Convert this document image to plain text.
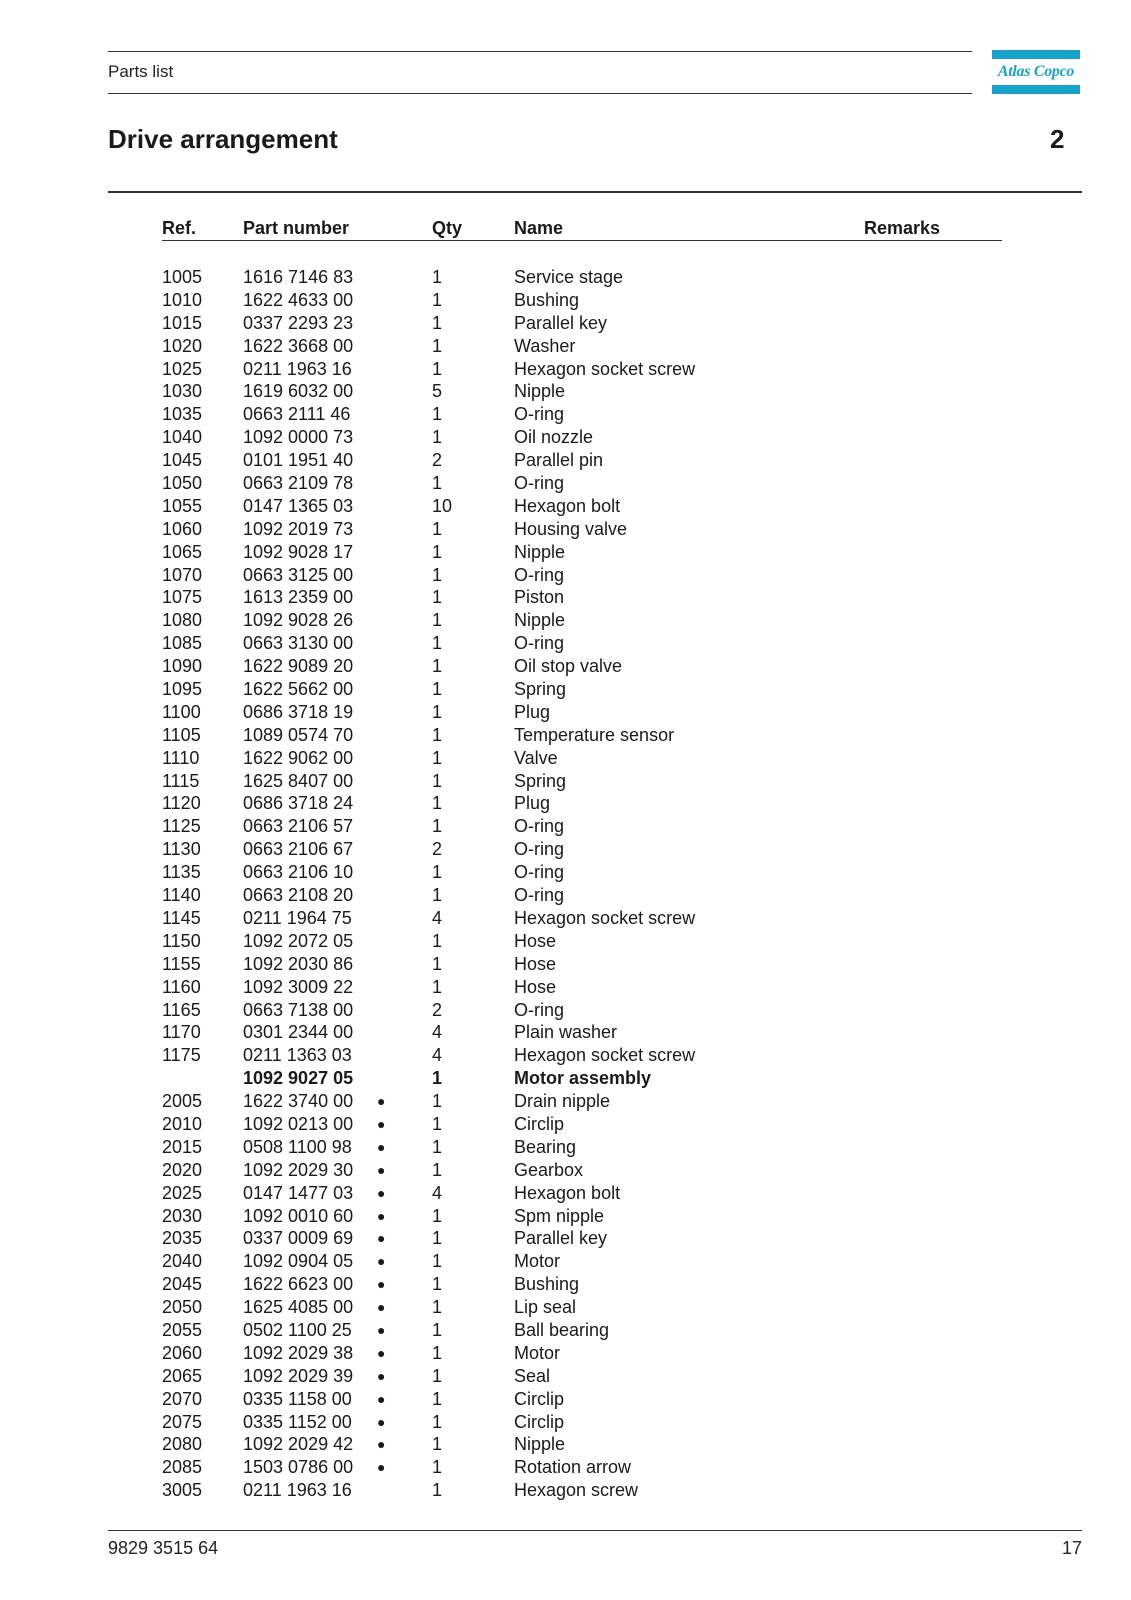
Parts list	Atlas Copco
Drive arrangement	2
Ref.	Part number	Qty	Name	Remarks
1005 1616 7146 83	1	Service stage
1010 1622 4633 00	1	Bushing
1015 0337 2293 23	1	Parallel key
1020 1622 3668 00	1	Washer
1025 0211 1963 16	1	Hexagon socket screw
1030 1619 6032 00	5	Nipple
1035 0663 2111 46	1	O-ring
1040 1092 0000 73	1	Oil nozzle
1045 0101 1951 40	2	Parallel pin
1050 0663 2109 78	1	O-ring
1055 0147 1365 03	10	Hexagon bolt
1060 1092 2019 73	1	Housing valve
1065 1092 9028 17	1	Nipple
1070 0663 3125 00	1	O-ring
1075 1613 2359 00	1	Piston
1080 1092 9028 26	1	Nipple
1085 0663 3130 00	1	O-ring
1090 1622 9089 20	1	Oil stop valve
1095 1622 5662 00	1	Spring
1100 0686 3718 19	1	Plug
1105 1089 0574 70	1	Temperature sensor
1110 1622 9062 00	1	Valve
1115 1625 8407 00	1	Spring
1120 0686 3718 24	1	Plug
1125 0663 2106 57	1	O-ring
1130 0663 2106 67	2	O-ring
1135 0663 2106 10	1	O-ring
1140 0663 2108 20	1	O-ring
1145 0211 1964 75	4	Hexagon socket screw
1150 1092 2072 05	1	Hose
1155 1092 2030 86	1	Hose
1160 1092 3009 22	1	Hose
1165 0663 7138 00	2	O-ring
1170 0301 2344 00	4	Plain washer
1175 0211 1363 03	4	Hexagon socket screw
1092 9027 05	1	Motor assembly
2005 1622 3740 00 ●	1	Drain nipple
2010 1092 0213 00 ●	1	Circlip
2015 0508 1100 98 ●	1	Bearing
2020 1092 2029 30 ●	1	Gearbox
2025 0147 1477 03 ●	4	Hexagon bolt
2030 1092 0010 60 ●	1	Spm nipple
2035 0337 0009 69 ●	1	Parallel key
2040 1092 0904 05 ●	1	Motor
2045 1622 6623 00 ●	1	Bushing
2050 1625 4085 00 ●	1	Lip seal
2055 0502 1100 25 ●	1	Ball bearing
2060 1092 2029 38 ●	1	Motor
2065 1092 2029 39 ●	1	Seal
2070 0335 1158 00 ●	1	Circlip
2075 0335 1152 00 ●	1	Circlip
2080 1092 2029 42 ●	1	Nipple
2085 1503 0786 00 ●	1	Rotation arrow
3005 0211 1963 16	1	Hexagon screw
9829 3515 64	17
